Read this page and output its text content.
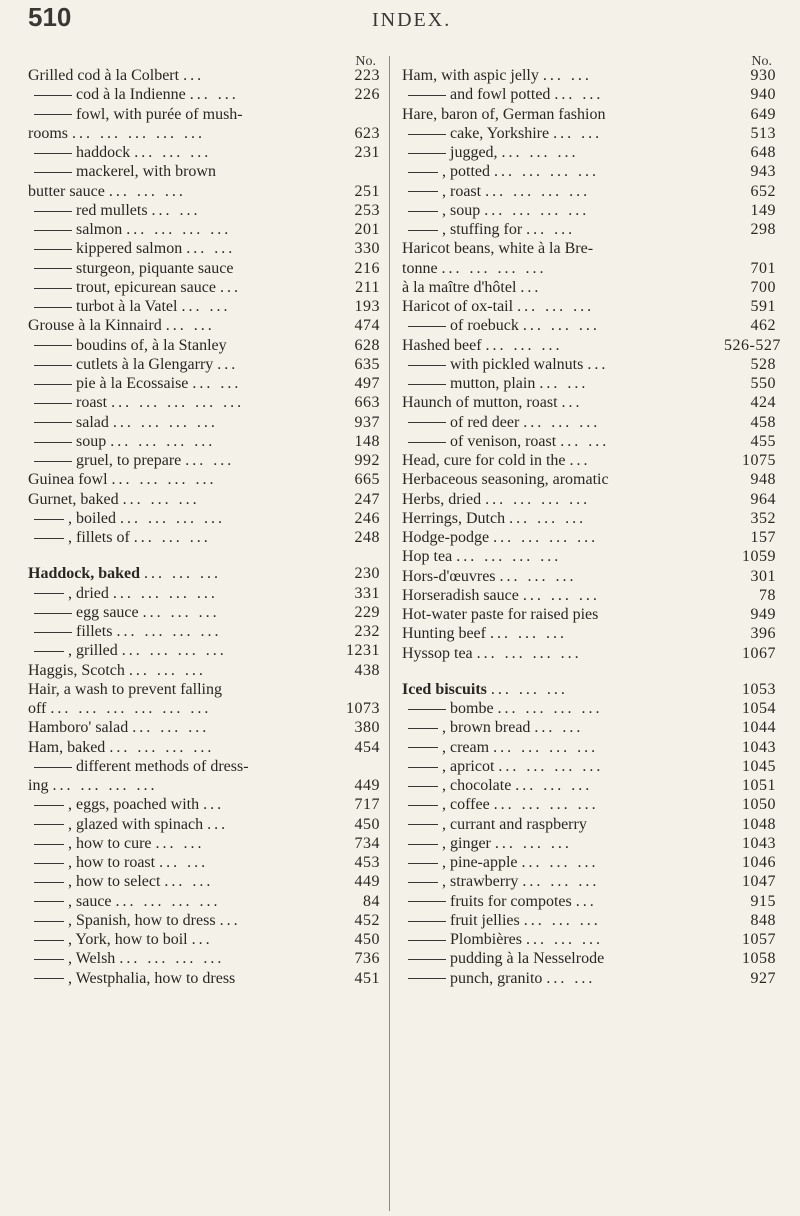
510	INDEX.
No.
Grilled cod à la Colbert ...	223
cod à la Indienne ... ...	226
fowl, with purée of mush-
rooms ... ... ... ... ...	623
haddock ... ... ...	231
mackerel, with brown
butter sauce ... ... ...	251
red mullets ... ...	253
salmon ... ... ... ...	201
kippered salmon ... ...	330
sturgeon, piquante sauce	216
trout, epicurean sauce ...	211
turbot à la Vatel ... ...	193
Grouse à la Kinnaird ... ...	474
boudins of, à la Stanley	628
cutlets à la Glengarry ...	635
pie à la Ecossaise ... ...	497
roast ... ... ... ... ...	663
salad ... ... ... ...	937
soup ... ... ... ...	148
gruel, to prepare ... ...	992
Guinea fowl ... ... ... ...	665
Gurnet, baked ... ... ...	247
, boiled ... ... ... ...	246
, fillets of ... ... ...	248
Haddock, baked ... ... ...	230
, dried ... ... ... ...	331
egg sauce ... ... ...	229
fillets ... ... ... ...	232
, grilled ... ... ... ...	1231
Haggis, Scotch ... ... ...	438
Hair, a wash to prevent falling
off ... ... ... ... ... ...	1073
Hamboro' salad ... ... ...	380
Ham, baked ... ... ... ...	454
different methods of dress-
ing ... ... ... ...	449
, eggs, poached with ...	717
, glazed with spinach ...	450
, how to cure ... ...	734
, how to roast ... ...	453
, how to select ... ...	449
, sauce ... ... ... ...	84
, Spanish, how to dress ...	452
, York, how to boil ...	450
, Welsh ... ... ... ...	736
, Westphalia, how to dress	451
No.
Ham, with aspic jelly ... ...	930
and fowl potted ... ...	940
Hare, baron of, German fashion	649
cake, Yorkshire ... ...	513
jugged, ... ... ...	648
, potted ... ... ... ...	943
, roast ... ... ... ...	652
, soup ... ... ... ...	149
, stuffing for ... ...	298
Haricot beans, white à la Bre-
tonne ... ... ... ...	701
à la maître d'hôtel ...	700
Haricot of ox-tail ... ... ...	591
of roebuck ... ... ...	462
Hashed beef ... ... ...	526-527
with pickled walnuts ...	528
mutton, plain ... ...	550
Haunch of mutton, roast ...	424
of red deer ... ... ...	458
of venison, roast ... ...	455
Head, cure for cold in the ...	1075
Herbaceous seasoning, aromatic	948
Herbs, dried ... ... ... ...	964
Herrings, Dutch ... ... ...	352
Hodge-podge ... ... ... ...	157
Hop tea ... ... ... ...	1059
Hors-d'œuvres ... ... ...	301
Horseradish sauce ... ... ...	78
Hot-water paste for raised pies	949
Hunting beef ... ... ...	396
Hyssop tea ... ... ... ...	1067
Iced biscuits ... ... ...	1053
bombe ... ... ... ...	1054
, brown bread ... ...	1044
, cream ... ... ... ...	1043
, apricot ... ... ... ...	1045
, chocolate ... ... ...	1051
, coffee ... ... ... ...	1050
, currant and raspberry	1048
, ginger ... ... ...	1043
, pine-apple ... ... ...	1046
, strawberry ... ... ...	1047
fruits for compotes ...	915
fruit jellies ... ... ...	848
Plombières ... ... ...	1057
pudding à la Nesselrode	1058
punch, granito ... ...	927
